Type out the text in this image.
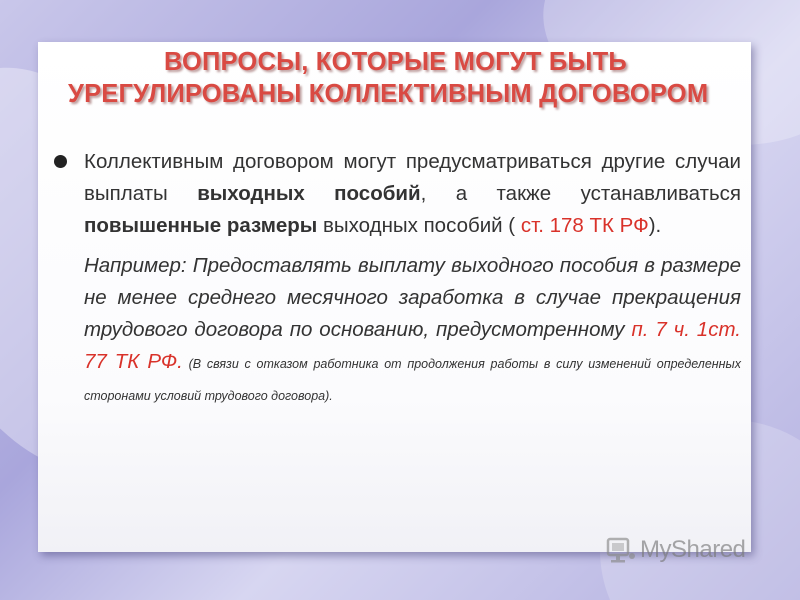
ВОПРОСЫ, КОТОРЫЕ МОГУТ БЫТЬ
УРЕГУЛИРОВАНЫ КОЛЛЕКТИВНЫМ ДОГОВОРОМ

Коллективным договором могут предусматриваться другие случаи выплаты выходных пособий, а также устанавливаться повышенные размеры выходных пособий ( ст. 178 ТК РФ).

Например: Предоставлять выплату выходного пособия в размере не менее среднего месячного заработка в случае прекращения трудового договора по основанию, предусмотренному п. 7 ч. 1ст. 77 ТК РФ. (В связи с отказом работника от продолжения работы в силу изменений определенных сторонами условий трудового договора).

MyShared
